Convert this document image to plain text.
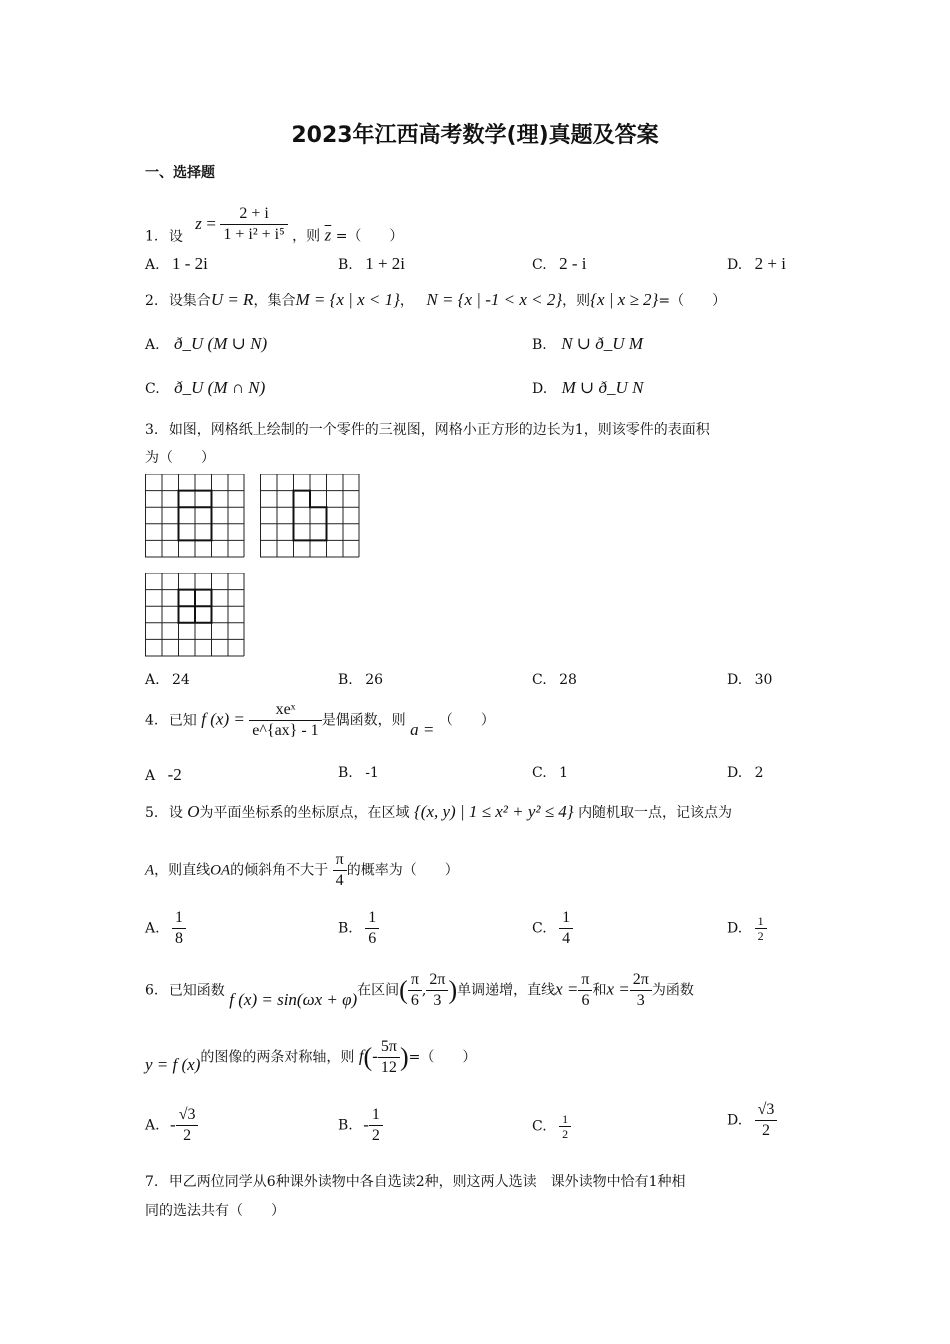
2023年江西高考数学(理)真题及答案
一、选择题
1. 设 $z = \frac{2 + i}{\text{1 + i² + i⁵}}$ ，则 $\overline{z}$ =（　　）
A. 1 - 2i	B. 1 + 2i	C. 2 - i	D. 2 + i
2. 设集合U = R，集合M = {x | x < 1}， N = {x | -1 < x < 2}，则{x | x ≥ 2}=（　　）
A. ð_U (M ∪ N)	B. N ∪ ð_U M
C. ð_U (M ∩ N)	D. M ∪ ð_U N
3. 如图，网格纸上绘制的一个零件的三视图，网格小正方形的边长为1，则该零件的表面积
为（　　）
A. 24	B. 26	C. 28	D. 30
4. 已知 f $(x) = \frac{\text{xeˣ}}{e\^{}\{ax\} - 1}$ 是偶函数，则 a = （　　）
A -2	B. -1	C. 1	D. 2
5. 设 O为平面坐标系的坐标原点，在区域 {(x, y) | 1 ≤ x² + y² ≤ 4} 内随机取一点，记该点为
A，则直线OA的倾斜角不大于 $\frac{\pi}{4}$ 的概率为（　　）
A. $\frac{1}{8}$	B. $\frac{1}{6}$	C. $\frac{1}{4}$	D. $\frac{1}{2}$
6. 已知函数 f (x) = sin(ωx + φ)在区间( $\frac{\pi}{6}$ , $\frac{2\pi}{3}$ )单调递增，直线$x = \frac{\pi}{6}$ 和$x = \frac{2\pi}{3}$ 为函数
y = f (x)的图像的两条对称轴，则 $f(- \frac{5\pi}{12}$ )=（　　）
A. - $\frac{√3}{2}$	B. - $\frac{1}{2}$	C. $\frac{1}{2}$	D. $\frac{√3}{2}$
7. 甲乙两位同学从6种课外读物中各自选读2种，则这两人选读　课外读物中恰有1种相
同的选法共有（　　）
